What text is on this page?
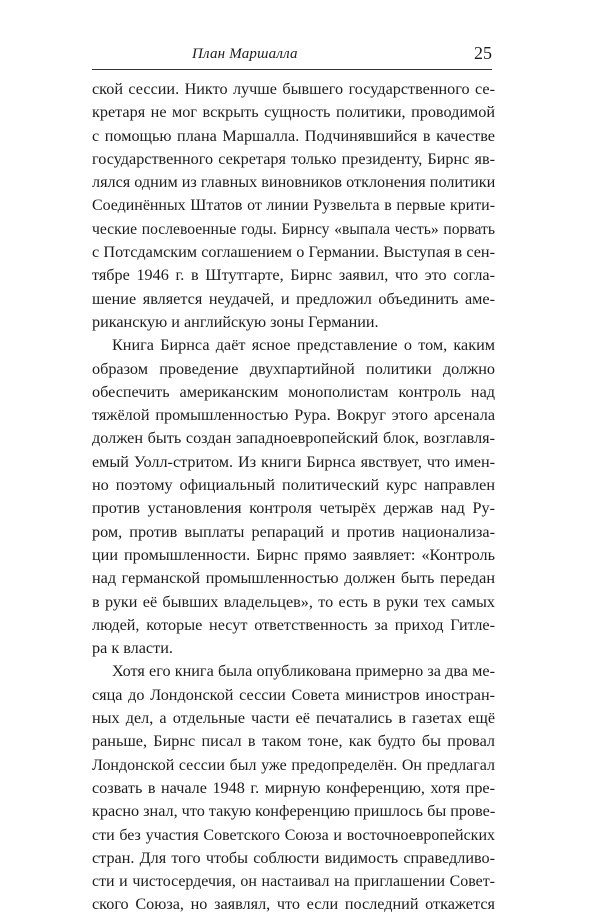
План Маршалла	25
ской сессии. Никто лучше бывшего государственного се-
кретаря не мог вскрыть сущность политики, проводимой
с помощью плана Маршалла. Подчинявшийся в качестве
государственного секретаря только президенту, Бирнс яв-
лялся одним из главных виновников отклонения политики
Соединённых Штатов от линии Рузвельта в первые крити-
ческие послевоенные годы. Бирнсу «выпала честь» порвать
с Потсдамским соглашением о Германии. Выступая в сен-
тябре 1946 г. в Штутгарте, Бирнс заявил, что это согла-
шение является неудачей, и предложил объединить аме-
риканскую и английскую зоны Германии.
Книга Бирнса даёт ясное представление о том, каким
образом проведение двухпартийной политики должно
обеспечить американским монополистам контроль над
тяжёлой промышленностью Рура. Вокруг этого арсенала
должен быть создан западноевропейский блок, возглавля-
емый Уолл-стритом. Из книги Бирнса явствует, что имен-
но поэтому официальный политический курс направлен
против установления контроля четырёх держав над Ру-
ром, против выплаты репараций и против национализа-
ции промышленности. Бирнс прямо заявляет: «Контроль
над германской промышленностью должен быть передан
в руки её бывших владельцев», то есть в руки тех самых
людей, которые несут ответственность за приход Гитле-
ра к власти.
Хотя его книга была опубликована примерно за два ме-
сяца до Лондонской сессии Совета министров иностран-
ных дел, а отдельные части её печатались в газетах ещё
раньше, Бирнс писал в таком тоне, как будто бы провал
Лондонской сессии был уже предопределён. Он предлагал
созвать в начале 1948 г. мирную конференцию, хотя пре-
красно знал, что такую конференцию пришлось бы прове-
сти без участия Советского Союза и восточноевропейских
стран. Для того чтобы соблюсти видимость справедливо-
сти и чистосердечия, он настаивал на приглашении Совет-
ского Союза, но заявлял, что если последний откажется
